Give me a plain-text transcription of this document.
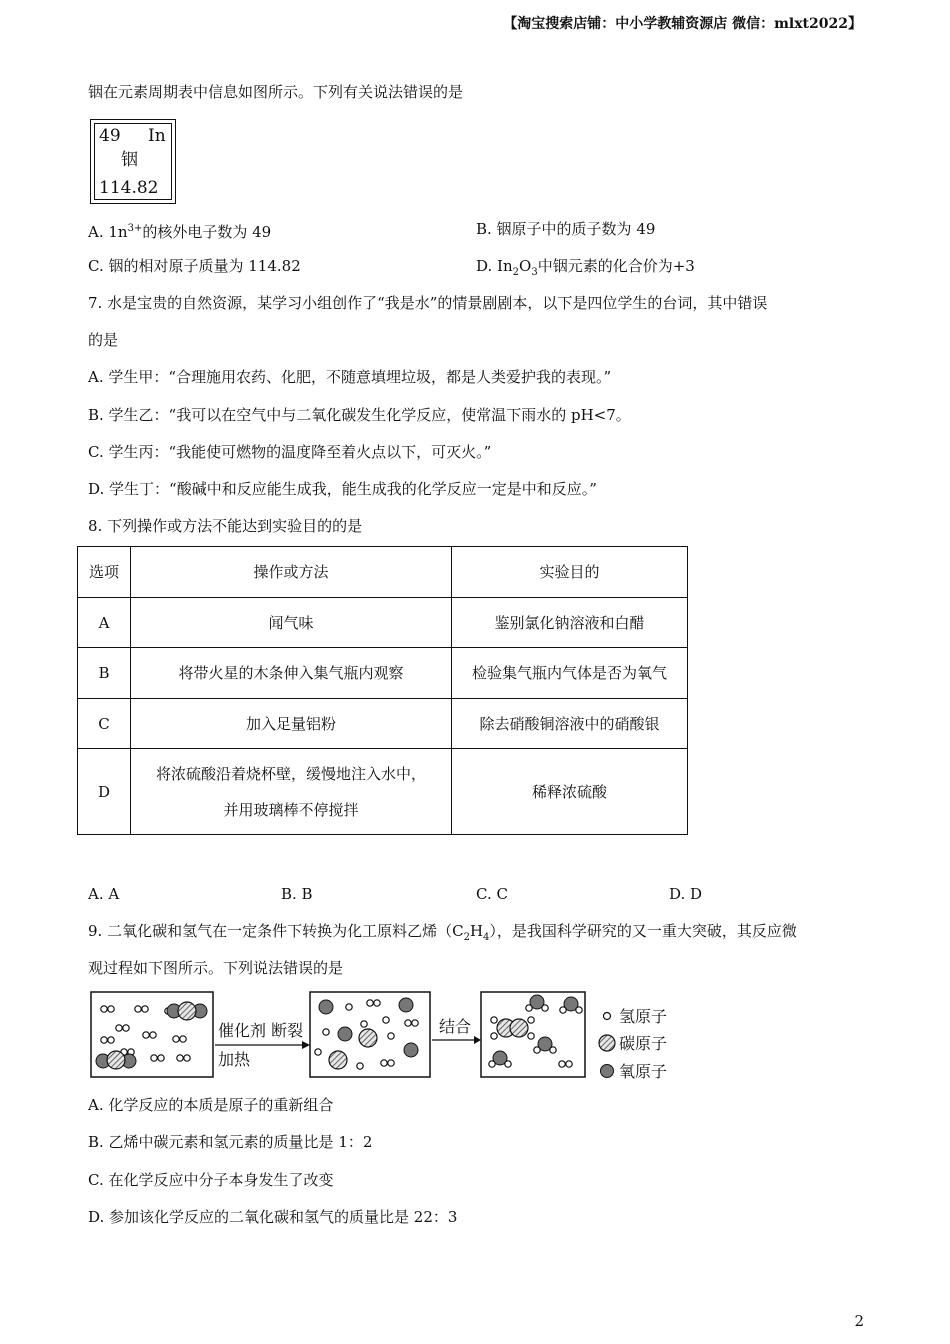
【淘宝搜索店铺：中小学教辅资源店 微信：mlxt2022】
铟在元素周期表中信息如图所示。下列有关说法错误的是
49 In
铟
114.82
A. $1n^{3+}$的核外电子数为 49	B. 铟原子中的质子数为 49
C. 铟的相对原子质量为 114.82	D. $In_2O_3$中铟元素的化合价为+3
7. 水是宝贵的自然资源，某学习小组创作了“我是水”的情景剧剧本，以下是四位学生的台词，其中错误
的是
A. 学生甲：“合理施用农药、化肥，不随意填埋垃圾，都是人类爱护我的表现。”
B. 学生乙：“我可以在空气中与二氧化碳发生化学反应，使常温下雨水的 pH<7。
C. 学生丙：“我能使可燃物的温度降至着火点以下，可灭火。”
D. 学生丁：“酸碱中和反应能生成我，能生成我的化学反应一定是中和反应。”
8. 下列操作或方法不能达到实验目的的是
选项	操作或方法	实验目的
A	闻气味	鉴别氯化钠溶液和白醋
B	将带火星的木条伸入集气瓶内观察	检验集气瓶内气体是否为氧气
C	加入足量铝粉	除去硝酸铜溶液中的硝酸银
D	将浓硫酸沿着烧杯壁，缓慢地注入水中，
并用玻璃棒不停搅拌	稀释浓硫酸
A. A	B. B	C. C	D. D
9. 二氧化碳和氢气在一定条件下转换为化工原料乙烯$(C_2H_4)$，是我国科学研究的又一重大突破，其反应微
观过程如下图所示。下列说法错误的是
催化剂 断裂
加热
结合
氢原子
碳原子
氧原子
A. 化学反应的本质是原子的重新组合
B. 乙烯中碳元素和氢元素的质量比是 1：2
C. 在化学反应中分子本身发生了改变
D. 参加该化学反应的二氧化碳和氢气的质量比是 22：3
2
